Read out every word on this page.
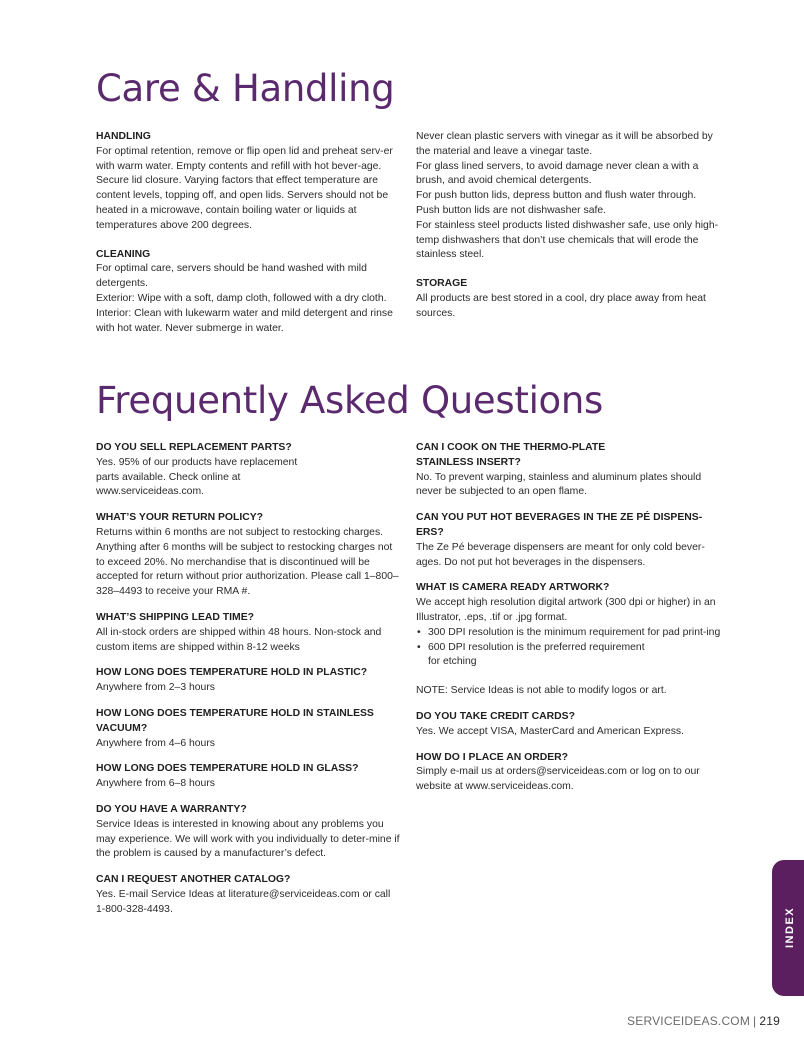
Care & Handling

HANDLING

For optimal retention, remove or flip open lid and preheat serv-er with warm water. Empty contents and refill with hot bever-age. Secure lid closure. Varying factors that effect temperature are content levels, topping off, and open lids. Servers should not be heated in a microwave, contain boiling water or liquids at temperatures above 200 degrees.

CLEANING

For optimal care, servers should be hand washed with mild detergents.

Exterior: Wipe with a soft, damp cloth, followed with a dry cloth.

Interior: Clean with lukewarm water and mild detergent and rinse with hot water. Never submerge in water.

Never clean plastic servers with vinegar as it will be absorbed by the material and leave a vinegar taste.

For glass lined servers, to avoid damage never clean a with a brush, and avoid chemical detergents.

For push button lids, depress button and flush water through. Push button lids are not dishwasher safe.

For stainless steel products listed dishwasher safe, use only high-temp dishwashers that don’t use chemicals that will erode the stainless steel.

STORAGE

All products are best stored in a cool, dry place away from heat sources.

Frequently Asked Questions

DO YOU SELL REPLACEMENT PARTS?

Yes. 95% of our products have replacement parts available. Check online at www.serviceideas.com.

WHAT’S YOUR RETURN POLICY?

Returns within 6 months are not subject to restocking charges. Anything after 6 months will be subject to restocking charges not to exceed 20%. No merchandise that is discontinued will be accepted for return without prior authorization. Please call 1–800–328–4493 to receive your RMA #.

WHAT’S SHIPPING LEAD TIME?

All in-stock orders are shipped within 48 hours. Non-stock and custom items are shipped within 8-12 weeks

HOW LONG DOES TEMPERATURE HOLD IN PLASTIC?

Anywhere from 2–3 hours

HOW LONG DOES TEMPERATURE HOLD IN STAINLESS VACUUM?

Anywhere from 4–6 hours

HOW LONG DOES TEMPERATURE HOLD IN GLASS?

Anywhere from 6–8 hours

DO YOU HAVE A WARRANTY?

Service Ideas is interested in knowing about any problems you may experience. We will work with you individually to deter-mine if the problem is caused by a manufacturer’s defect.

CAN I REQUEST ANOTHER CATALOG?

Yes. E-mail Service Ideas at literature@serviceideas.com or call 1-800-328-4493.

CAN I COOK ON THE THERMO-PLATE STAINLESS INSERT?

No. To prevent warping, stainless and aluminum plates should never be subjected to an open flame.

CAN YOU PUT HOT BEVERAGES IN THE ZE PÉ DISPENS-ERS?

The Ze Pé beverage dispensers are meant for only cold bever-ages. Do not put hot beverages in the dispensers.

WHAT IS CAMERA READY ARTWORK?

We accept high resolution digital artwork (300 dpi or higher) in an Illustrator, .eps, .tif or .jpg format.

• 300 DPI resolution is the minimum requirement for pad print-ing
• 600 DPI resolution is the preferred requirement for etching

NOTE: Service Ideas is not able to modify logos or art.

DO YOU TAKE CREDIT CARDS?

Yes. We accept VISA, MasterCard and American Express.

HOW DO I PLACE AN ORDER?

Simply e-mail us at orders@serviceideas.com or log on to our website at www.serviceideas.com.

INDEX
SERVICEIDEAS.COM | 219
